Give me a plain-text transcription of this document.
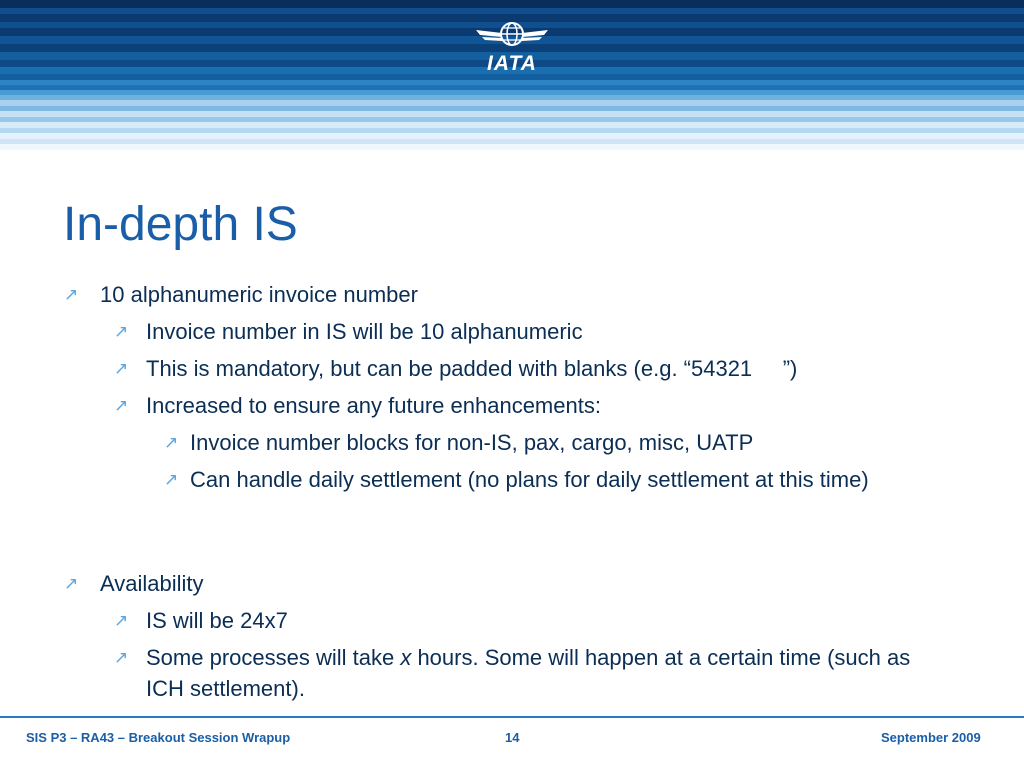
IATA
In-depth IS
↗ 10 alphanumeric invoice number
↗ Invoice number in IS will be 10 alphanumeric
↗ This is mandatory, but can be padded with blanks (e.g. “54321     ”)
↗ Increased to ensure any future enhancements:
↗ Invoice number blocks for non-IS, pax, cargo, misc, UATP
↗ Can handle daily settlement (no plans for daily settlement at this time)
↗ Availability
↗ IS will be 24x7
↗ Some processes will take x hours. Some will happen at a certain time (such as ICH settlement).
SIS P3 – RA43 – Breakout Session Wrapup	14	September 2009
